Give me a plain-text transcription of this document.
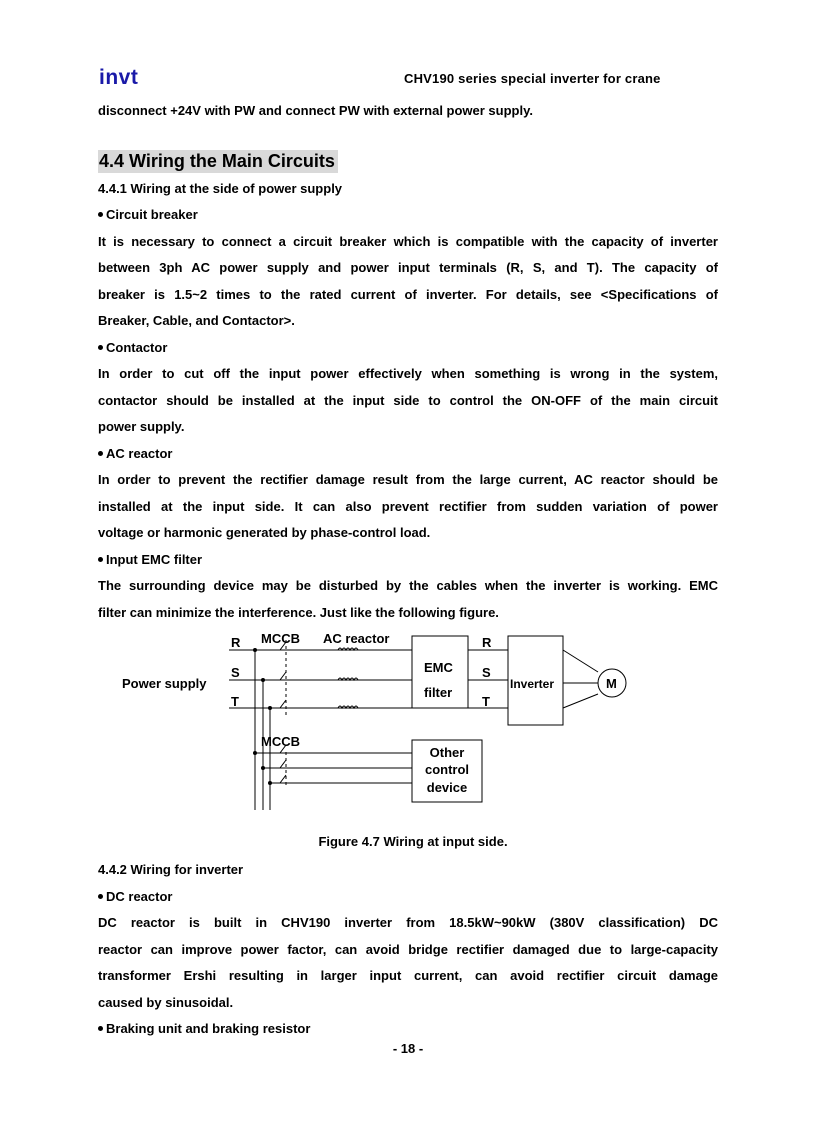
invt	CHV190 series special inverter for crane
disconnect +24V with PW and connect PW with external power supply.
4.4 Wiring the Main Circuits
4.4.1 Wiring at the side of power supply
Circuit breaker
It is necessary to connect a circuit breaker which is compatible with the capacity of inverter
between 3ph AC power supply and power input terminals (R, S, and T). The capacity of
breaker is 1.5~2 times to the rated current of inverter. For details, see <Specifications of
Breaker, Cable, and Contactor>.
Contactor
In order to cut off the input power effectively when something is wrong in the system,
contactor should be installed at the input side to control the ON-OFF of the main circuit
power supply.
AC reactor
In order to prevent the rectifier damage result from the large current, AC reactor should be
installed at the input side. It can also prevent rectifier from sudden variation of power
voltage or harmonic generated by phase-control load.
Input EMC filter
The surrounding device may be disturbed by the cables when the inverter is working. EMC
filter can minimize the interference. Just like the following figure.
Power supply
R
S
T
MCCB AC reactor
EMC
filter
R
S
T
Inverter	M
MCCB
Other
control
device
Figure 4.7 Wiring at input side.
4.4.2 Wiring for inverter
DC reactor
DC reactor is built in CHV190 inverter from 18.5kW~90kW (380V classification) DC
reactor can improve power factor, can avoid bridge rectifier damaged due to large-capacity
transformer Ershi resulting in larger input current, can avoid rectifier circuit damage
caused by sinusoidal.
Braking unit and braking resistor
- 18 -
